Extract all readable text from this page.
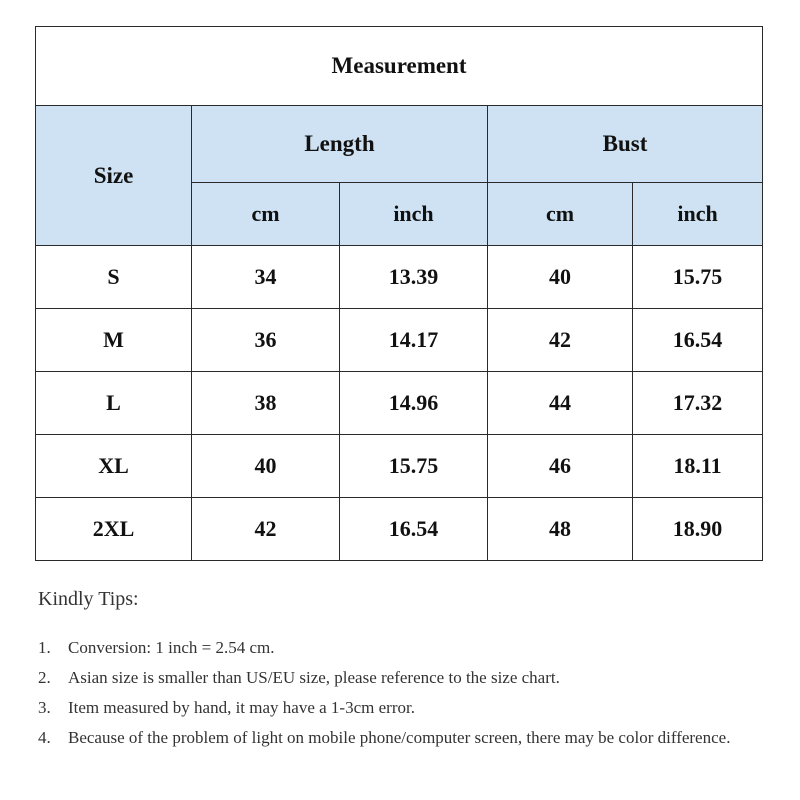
Measurement				
Size	Length		Bust	
	cm	inch	cm	inch
S	34	13.39	40	15.75
M	36	14.17	42	16.54
L	38	14.96	44	17.32
XL	40	15.75	46	18.11
2XL	42	16.54	48	18.90

Kindly Tips:

1.	Conversion: 1 inch = 2.54 cm.
2.	Asian size is smaller than US/EU size, please reference to the size chart.
3.	Item measured by hand, it may have a 1-3cm error.
4.	Because of the problem of light on mobile phone/computer screen, there may be color difference.
